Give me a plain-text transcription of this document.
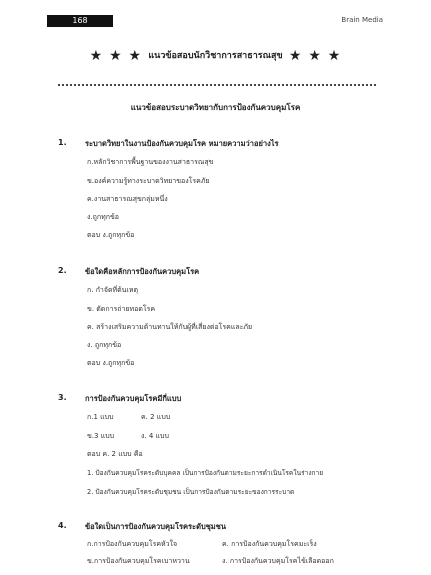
168	Brain Media
★ ★ ★ แนวข้อสอบนักวิชาการสาธารณสุข ★ ★ ★
แนวข้อสอบระบาดวิทยากับการป้องกันควบคุมโรค
1. ระบาดวิทยาในงานป้องกันควบคุมโรค หมายความว่าอย่างไร
ก.หลักวิชาการพื้นฐานของงานสาธารณสุข
ข.องค์ความรู้ทางระบาดวิทยาของโรคภัย
ค.งานสาธารณสุขกลุ่มหนึ่ง
ง.ถูกทุกข้อ
ตอบ ง.ถูกทุกข้อ
2. ข้อใดคือหลักการป้องกันควบคุมโรค
ก. กำจัดที่ต้นเหตุ
ข. ตัดการถ่ายทอดโรค
ค. สร้างเสริมความต้านทานให้กับผู้ที่เสี่ยงต่อโรคและภัย
ง. ถูกทุกข้อ
ตอบ ง.ถูกทุกข้อ
3. การป้องกันควบคุมโรคมีกี่แบบ
ก.1 แบบ	ค. 2 แบบ
ข.3 แบบ	ง. 4 แบบ
ตอบ ค. 2 แบบ คือ
1. ป้องกันควบคุมโรคระดับบุคคล เป็นการป้องกันตามระยะการดำเนินโรคในร่างกาย
2. ป้องกันควบคุมโรคระดับชุมชน เป็นการป้องกันตามระยะของการระบาด
4. ข้อใดเป็นการป้องกันควบคุมโรคระดับชุมชน
ก.การป้องกันควบคุมโรคหัวใจ	ค. การป้องกันควบคุมโรคมะเร็ง
ข.การป้องกันควบคุมโรคเบาหวาน	ง. การป้องกันควบคุมโรคไข้เลือดออก
